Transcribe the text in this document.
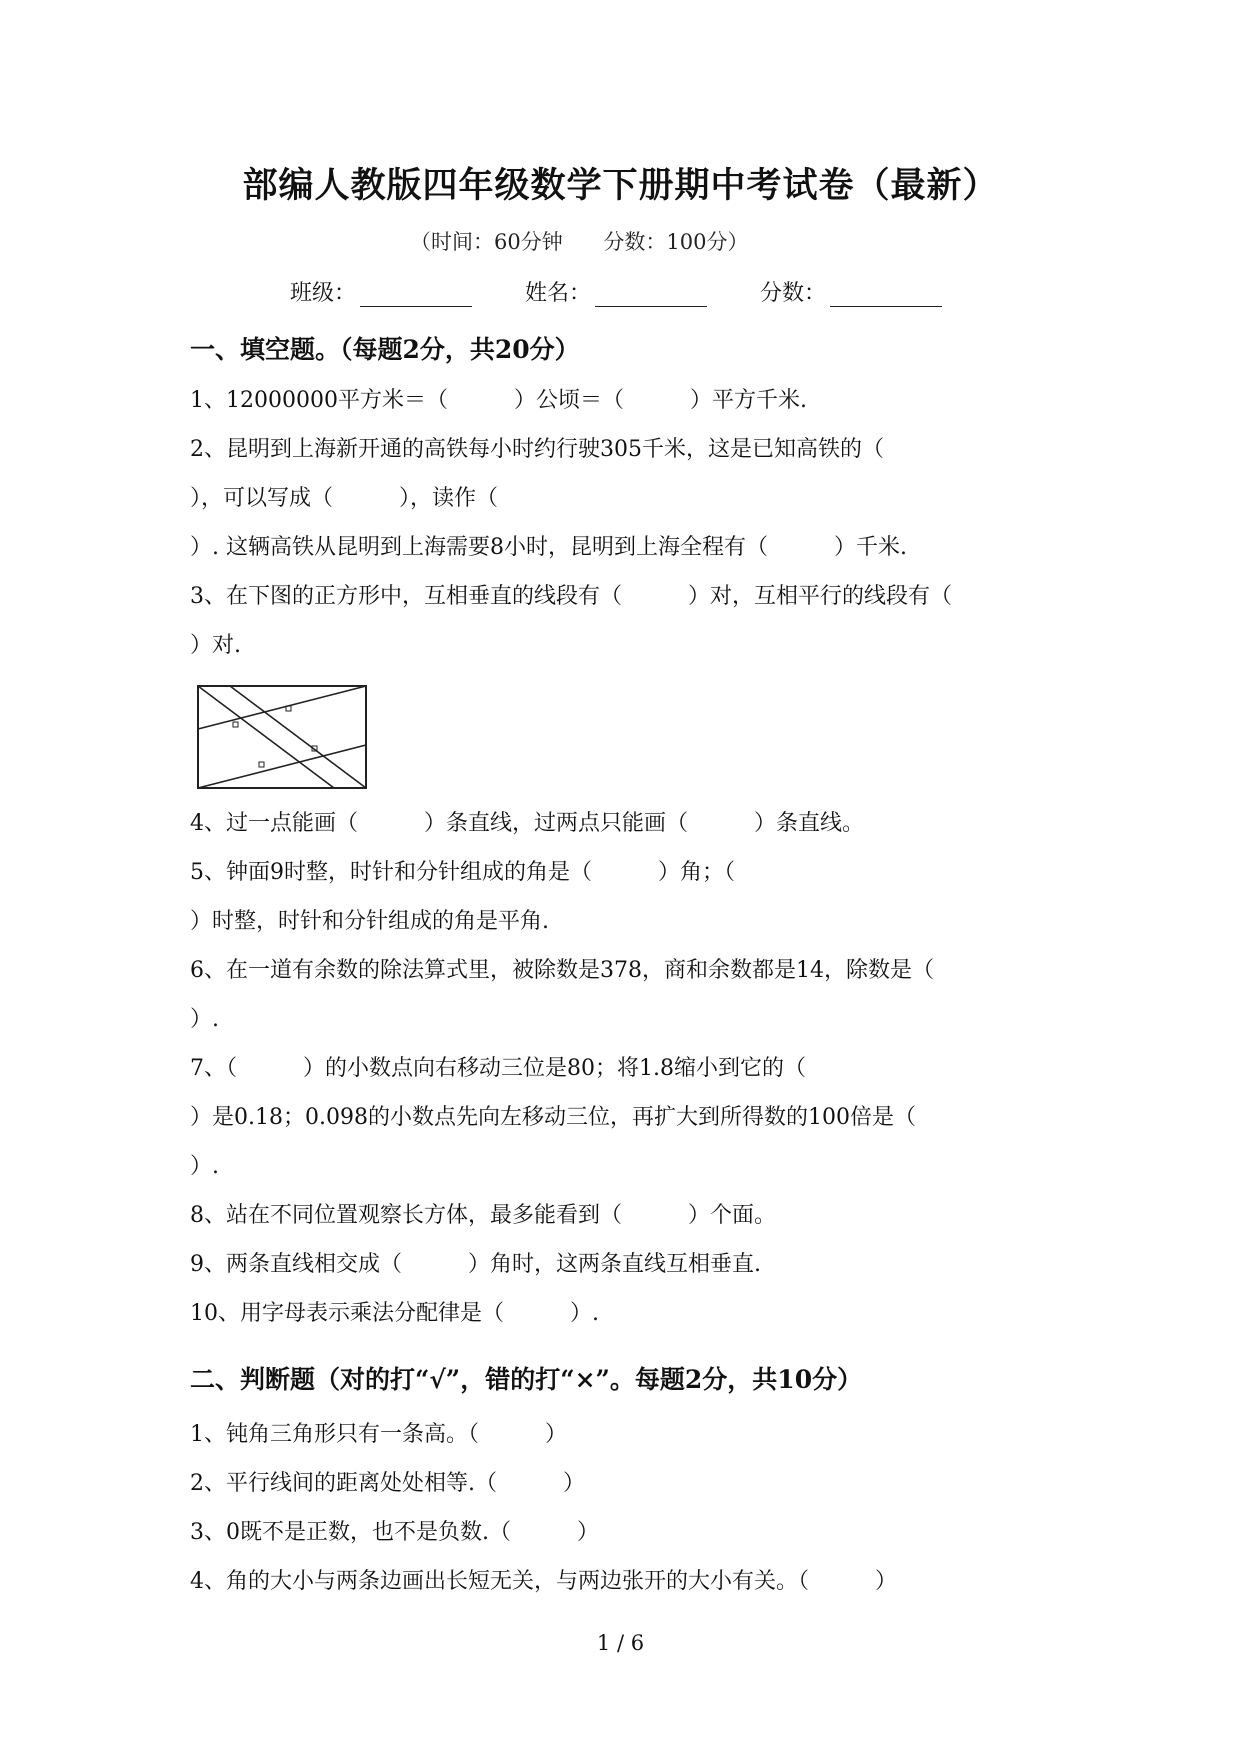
部编人教版四年级数学下册期中考试卷（最新）
（时间：60分钟 分数：100分）
班级：	姓名：	分数：
一、填空题。（每题2分，共20分）
1、12000000平方米＝（　　　）公顷＝（　　　）平方千米.
2、昆明到上海新开通的高铁每小时约行驶305千米，这是已知高铁的（
），可以写成（　　　），读作（
）. 这辆高铁从昆明到上海需要8小时，昆明到上海全程有（　　　）千米.
3、在下图的正方形中，互相垂直的线段有（　　　）对，互相平行的线段有（
）对.
4、过一点能画（　　　）条直线，过两点只能画（　　　）条直线。
5、钟面9时整，时针和分针组成的角是（　　　）角；（
）时整，时针和分针组成的角是平角.
6、在一道有余数的除法算式里，被除数是378，商和余数都是14，除数是（
）.
7、（　　　）的小数点向右移动三位是80；将1.8缩小到它的（
）是0.18；0.098的小数点先向左移动三位，再扩大到所得数的100倍是（
）.
8、站在不同位置观察长方体，最多能看到（　　　）个面。
9、两条直线相交成（　　　）角时，这两条直线互相垂直.
10、用字母表示乘法分配律是（　　　）.
二、判断题（对的打“√”，错的打“×”。每题2分，共10分）
1、钝角三角形只有一条高。（　　　）
2、平行线间的距离处处相等.（　　　）
3、0既不是正数，也不是负数.（　　　）
4、角的大小与两条边画出长短无关，与两边张开的大小有关。（　　　）
1 / 6
